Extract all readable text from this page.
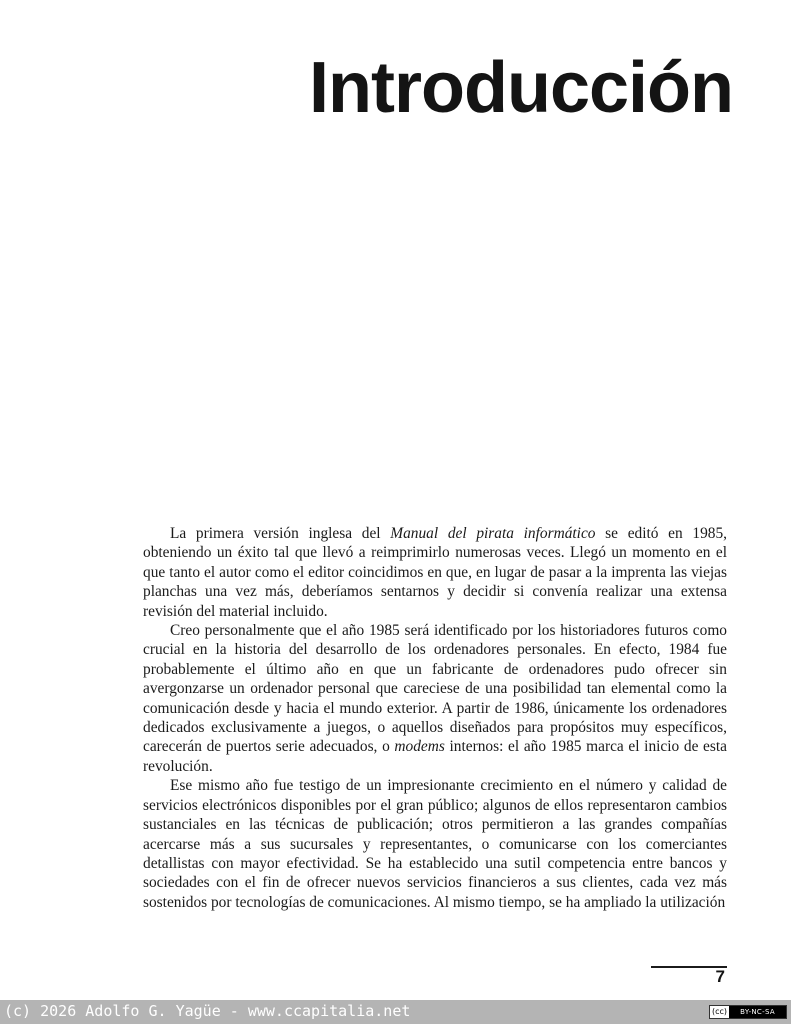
Introducción

La primera versión inglesa del Manual del pirata informático se editó en 1985, obteniendo un éxito tal que llevó a reimprimirlo numerosas veces. Llegó un momento en el que tanto el autor como el editor coincidimos en que, en lugar de pasar a la imprenta las viejas planchas una vez más, deberíamos sentarnos y decidir si convenía realizar una extensa revisión del material incluido.

Creo personalmente que el año 1985 será identificado por los historiadores futuros como crucial en la historia del desarrollo de los ordenadores personales. En efecto, 1984 fue probablemente el último año en que un fabricante de ordenadores pudo ofrecer sin avergonzarse un ordenador personal que careciese de una posibilidad tan elemental como la comunicación desde y hacia el mundo exterior. A partir de 1986, únicamente los ordenadores dedicados exclusivamente a juegos, o aquellos diseñados para propósitos muy específicos, carecerán de puertos serie adecuados, o modems internos: el año 1985 marca el inicio de esta revolución.

Ese mismo año fue testigo de un impresionante crecimiento en el número y calidad de servicios electrónicos disponibles por el gran público; algunos de ellos representaron cambios sustanciales en las técnicas de publicación; otros permitieron a las grandes compañías acercarse más a sus sucursales y representantes, o comunicarse con los comerciantes detallistas con mayor efectividad. Se ha establecido una sutil competencia entre bancos y sociedades con el fin de ofrecer nuevos servicios financieros a sus clientes, cada vez más sostenidos por tecnologías de comunicaciones. Al mismo tiempo, se ha ampliado la utilización

7
(c) 2026 Adolfo G. Yagüe - www.ccapitalia.net	(cc)	BY-NC-SA
